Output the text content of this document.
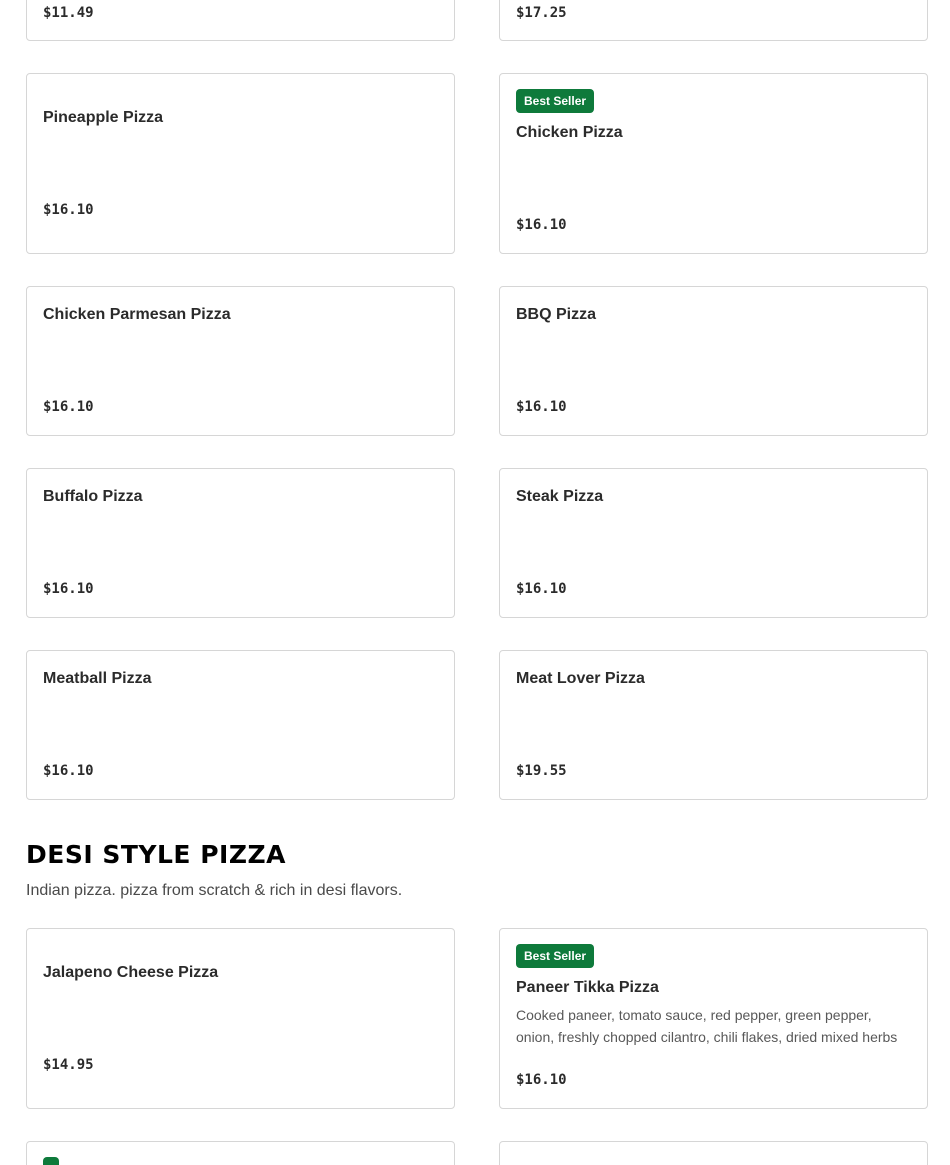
$11.49	$17.25
Pineapple Pizza
$16.10
Best Seller
Chicken Pizza
$16.10
Chicken Parmesan Pizza
$16.10
BBQ Pizza
$16.10
Buffalo Pizza
$16.10
Steak Pizza
$16.10
Meatball Pizza
$16.10
Meat Lover Pizza
$19.55
DESI STYLE PIZZA

Indian pizza. pizza from scratch & rich in desi flavors.

Jalapeno Cheese Pizza
$14.95
Best Seller
Paneer Tikka Pizza
Cooked paneer, tomato sauce, red pepper, green pepper, onion, freshly chopped cilantro, chili flakes, dried mixed herbs
$16.10
